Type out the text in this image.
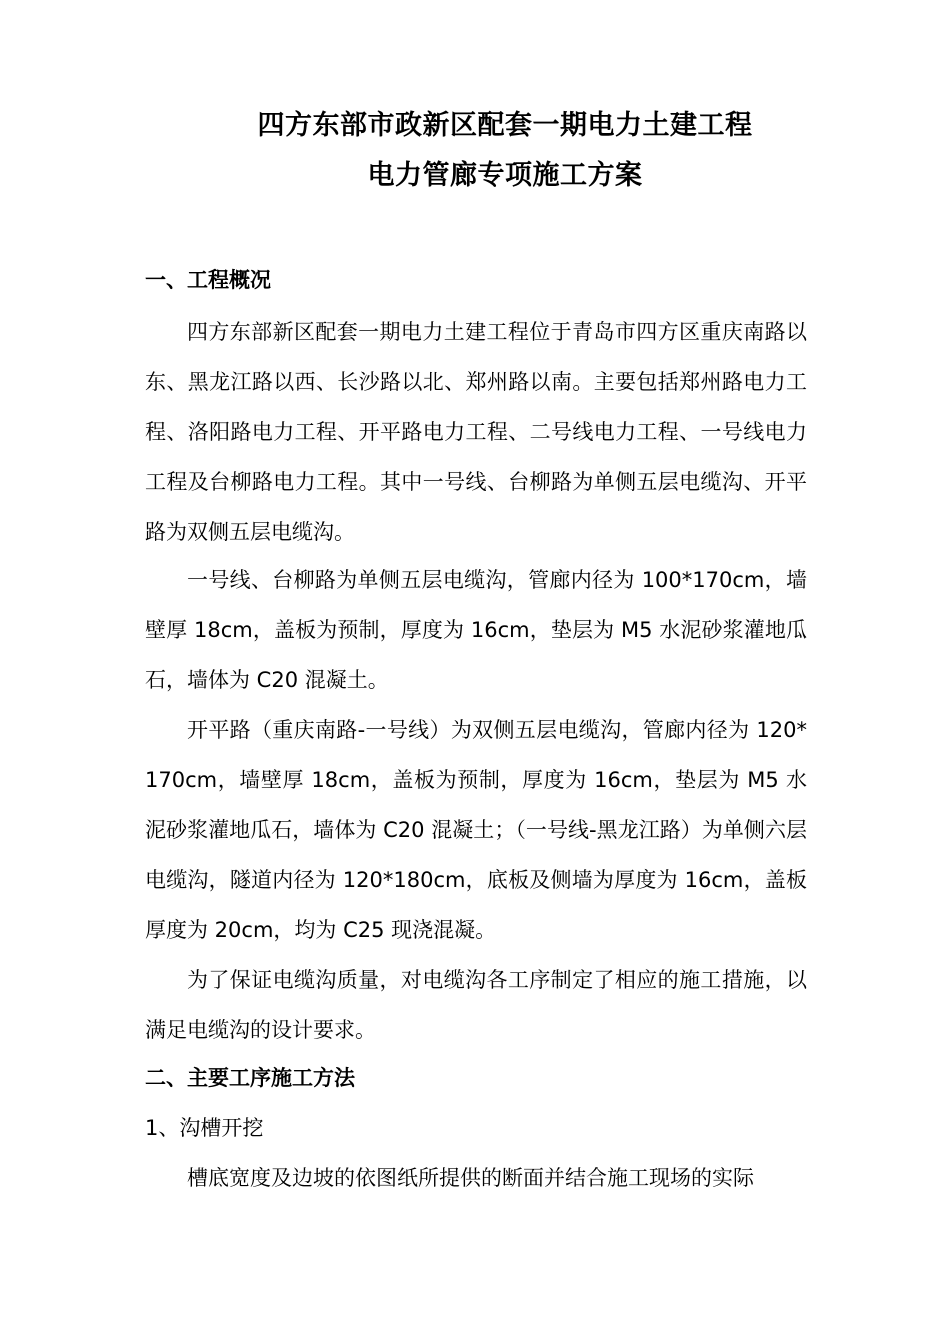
四方东部市政新区配套一期电力土建工程
电力管廊专项施工方案
一、工程概况
四方东部新区配套一期电力土建工程位于青岛市四方区重庆南路以东、黑龙江路以西、长沙路以北、郑州路以南。主要包括郑州路电力工程、洛阳路电力工程、开平路电力工程、二号线电力工程、一号线电力工程及台柳路电力工程。其中一号线、台柳路为单侧五层电缆沟、开平路为双侧五层电缆沟。
一号线、台柳路为单侧五层电缆沟，管廊内径为 100*170cm，墙壁厚 18cm，盖板为预制，厚度为 16cm，垫层为 M5 水泥砂浆灌地瓜石，墙体为 C20 混凝土。
开平路（重庆南路-一号线）为双侧五层电缆沟，管廊内径为 120*170cm，墙壁厚 18cm，盖板为预制，厚度为 16cm，垫层为 M5 水泥砂浆灌地瓜石，墙体为 C20 混凝土；（一号线-黑龙江路）为单侧六层电缆沟，隧道内径为 120*180cm，底板及侧墙为厚度为 16cm，盖板厚度为 20cm，均为 C25 现浇混凝。
为了保证电缆沟质量，对电缆沟各工序制定了相应的施工措施，以满足电缆沟的设计要求。
二、主要工序施工方法
1、沟槽开挖
槽底宽度及边坡的依图纸所提供的断面并结合施工现场的实际
